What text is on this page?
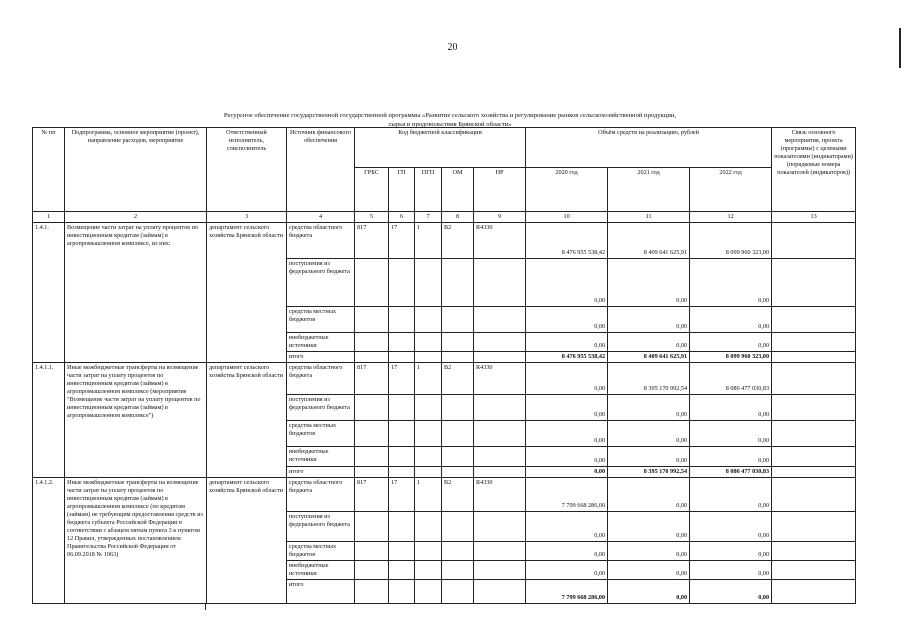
20
Ресурсное обеспечение государственной государственной программы «Развитие сельского хозяйства и регулирование рынков сельскохозяйственной продукции,
сырья и продовольствия Брянской области»
№ пп	Подпрограмма, основное мероприятие (проект), направление расходов, мероприятие	Ответственный исполнитель, соисполнитель	Источник финансового обеспечения	Код бюджетной классификации					Объём средств на реализацию, рублей			Связь основного мероприятия, проекта (программы) с целевыми показателями (индикаторами) (порядковые номера показателей (индикаторов))
				ГРБС	ГП	ПГП	ОМ	НР	2020 год	2021 год	2022 год	
1	2	3	4	5	6	7	8	9	10	11	12	13
1.4.1.	Возмещение части затрат на уплату процентов по инвестиционным кредитам (займам) в агропромышленном комплексе, из них:	департамент сельского хозяйства Брянской области	средства областного бюджета	817	17	1	В2	R4330	8 476 955 538,42	8 409 641 625,91	8 099 960 323,00	
			поступления из федерального бюджета						0,00	0,00	0,00	
			средства местных бюджетов						0,00	0,00	0,00	
			внебюджетные источники						0,00	0,00	0,00	
			итого						8 476 955 538,42	8 409 641 625,91	8 099 960 323,00	
1.4.1.1.	Иные межбюджетные трансферты на возмещение части затрат на уплату процентов по инвестиционным кредитам (займам) в агропромышленном комплексе (мероприятие "Возмещение части затрат на уплату процентов по инвестиционным кредитам (займам) в агропромышленном комплексе")	департамент сельского хозяйства Брянской области	средства областного бюджета	817	17	1	В2	R4330	0,00	8 395 170 992,54	8 086 477 030,83	
			поступления из федерального бюджета						0,00	0,00	0,00	
			средства местных бюджетов						0,00	0,00	0,00	
			внебюджетные источники						0,00	0,00	0,00	
			итого						0,00	8 395 170 992,54	8 086 477 030,83	
1.4.1.2.	Иные межбюджетные трансферты на возмещение части затрат на уплату процентов по инвестиционным кредитам (займам) в агропромышленном комплексе (по кредитам (займам) не требующим предоставления средств из бюджета субъекта Российской Федерации в соответствии с абзацем пятым пункта 3 к пунктом 12 Правил, утвержденных постановлением Правительства Российской Федерации от 06.09.2018 № 1063)	департамент сельского хозяйства Брянской области	средства областного бюджета	817	17	1	В2	R4330	7 799 668 286,00	0,00	0,00	
			поступления из федерального бюджета						0,00	0,00	0,00	
			средства местных бюджетов						0,00	0,00	0,00	
			внебюджетные источники						0,00	0,00	0,00	
			итого						7 799 668 286,00	0,00	0,00	
